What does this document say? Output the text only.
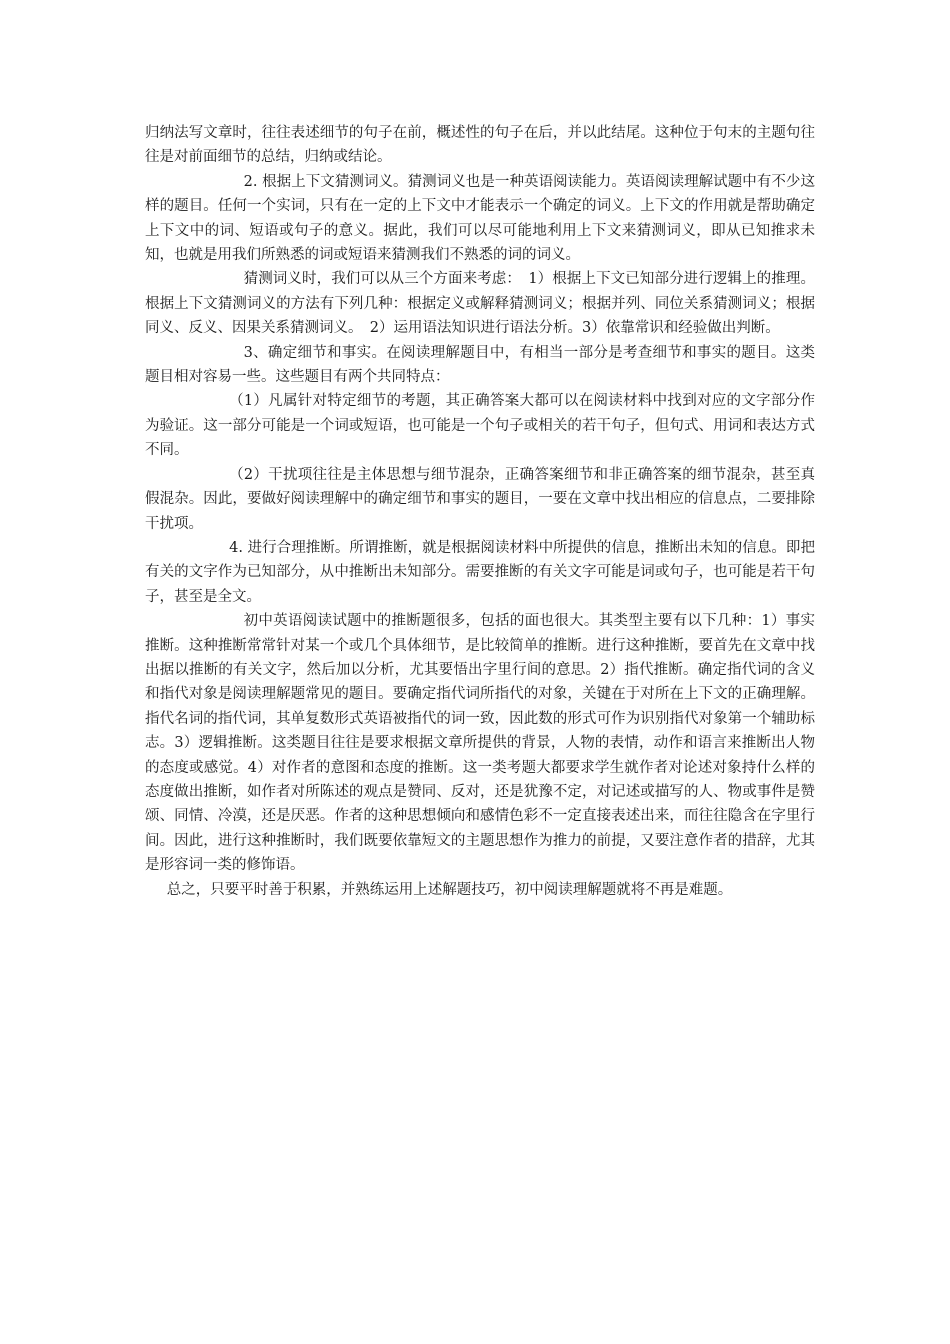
归纳法写文章时，往往表述细节的句子在前，概述性的句子在后，并以此结尾。这种位于句末的主题句往往是对前面细节的总结，归纳或结论。

2. 根据上下文猜测词义。猜测词义也是一种英语阅读能力。英语阅读理解试题中有不少这样的题目。任何一个实词，只有在一定的上下文中才能表示一个确定的词义。上下文的作用就是帮助确定上下文中的词、短语或句子的意义。据此，我们可以尽可能地利用上下文来猜测词义，即从已知推求未知，也就是用我们所熟悉的词或短语来猜测我们不熟悉的词的词义。

猜测词义时，我们可以从三个方面来考虑：　1）根据上下文已知部分进行逻辑上的推理。根据上下文猜测词义的方法有下列几种：根据定义或解释猜测词义；根据并列、同位关系猜测词义；根据同义、反义、因果关系猜测词义。　2）运用语法知识进行语法分析。3）依靠常识和经验做出判断。

3、确定细节和事实。在阅读理解题目中，有相当一部分是考查细节和事实的题目。这类题目相对容易一些。这些题目有两个共同特点：

（1）凡属针对特定细节的考题，其正确答案大都可以在阅读材料中找到对应的文字部分作为验证。这一部分可能是一个词或短语，也可能是一个句子或相关的若干句子，但句式、用词和表达方式不同。

（2）干扰项往往是主体思想与细节混杂，正确答案细节和非正确答案的细节混杂，甚至真假混杂。因此，要做好阅读理解中的确定细节和事实的题目，一要在文章中找出相应的信息点，二要排除干扰项。

4. 进行合理推断。所谓推断，就是根据阅读材料中所提供的信息，推断出未知的信息。即把有关的文字作为已知部分，从中推断出未知部分。需要推断的有关文字可能是词或句子，也可能是若干句子，甚至是全文。

初中英语阅读试题中的推断题很多，包括的面也很大。其类型主要有以下几种：1）事实推断。这种推断常常针对某一个或几个具体细节，是比较简单的推断。进行这种推断，要首先在文章中找出据以推断的有关文字，然后加以分析，尤其要悟出字里行间的意思。2）指代推断。确定指代词的含义和指代对象是阅读理解题常见的题目。要确定指代词所指代的对象，关键在于对所在上下文的正确理解。指代名词的指代词，其单复数形式英语被指代的词一致，因此数的形式可作为识别指代对象第一个辅助标志。3）逻辑推断。这类题目往往是要求根据文章所提供的背景，人物的表情，动作和语言来推断出人物的态度或感觉。4）对作者的意图和态度的推断。这一类考题大都要求学生就作者对论述对象持什么样的态度做出推断，如作者对所陈述的观点是赞同、反对，还是犹豫不定，对记述或描写的人、物或事件是赞颂、同情、冷漠，还是厌恶。作者的这种思想倾向和感情色彩不一定直接表述出来，而往往隐含在字里行间。因此，进行这种推断时，我们既要依靠短文的主题思想作为推力的前提，又要注意作者的措辞，尤其是形容词一类的修饰语。

总之，只要平时善于积累，并熟练运用上述解题技巧，初中阅读理解题就将不再是难题。
